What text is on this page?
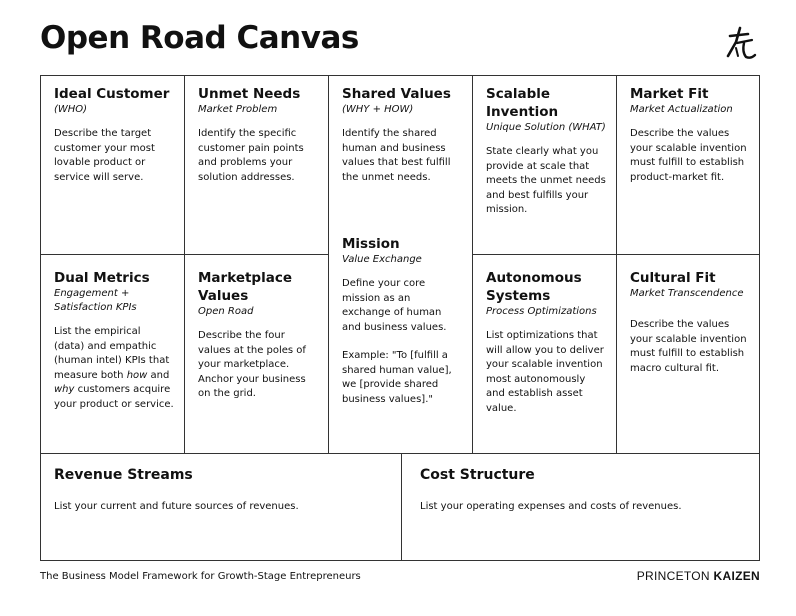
Open Road Canvas
Ideal Customer
(WHO)
Describe the target customer your most lovable product or service will serve.
Unmet Needs
Market Problem
Identify the specific customer pain points and problems your solution addresses.
Shared Values
(WHY + HOW)
Identify the shared human and business values that best fulfill the unmet needs.
Scalable Invention
Unique Solution (WHAT)
State clearly what you provide at scale that meets the unmet needs and best fulfills your mission.
Market Fit
Market Actualization
Describe the values your scalable invention must fulfill to establish product-market fit.
Mission
Value Exchange
Define your core mission as an exchange of human and business values.
Example: "To [fulfill a shared human value], we [provide shared business values]."
Dual Metrics
Engagement + Satisfaction KPIs
List the empirical (data) and empathic (human intel) KPIs that measure both how and why customers acquire your product or service.
Marketplace Values
Open Road
Describe the four values at the poles of your marketplace. Anchor your business on the grid.
Autonomous Systems
Process Optimizations
List optimizations that will allow you to deliver your scalable invention most autonomously and establish asset value.
Cultural Fit
Market Transcendence
Describe the values your scalable invention must fulfill to establish macro cultural fit.
Revenue Streams
List your current and future sources of revenues.
Cost Structure
List your operating expenses and costs of revenues.
The Business Model Framework for Growth-Stage Entrepreneurs	PRINCETON KAIZEN
